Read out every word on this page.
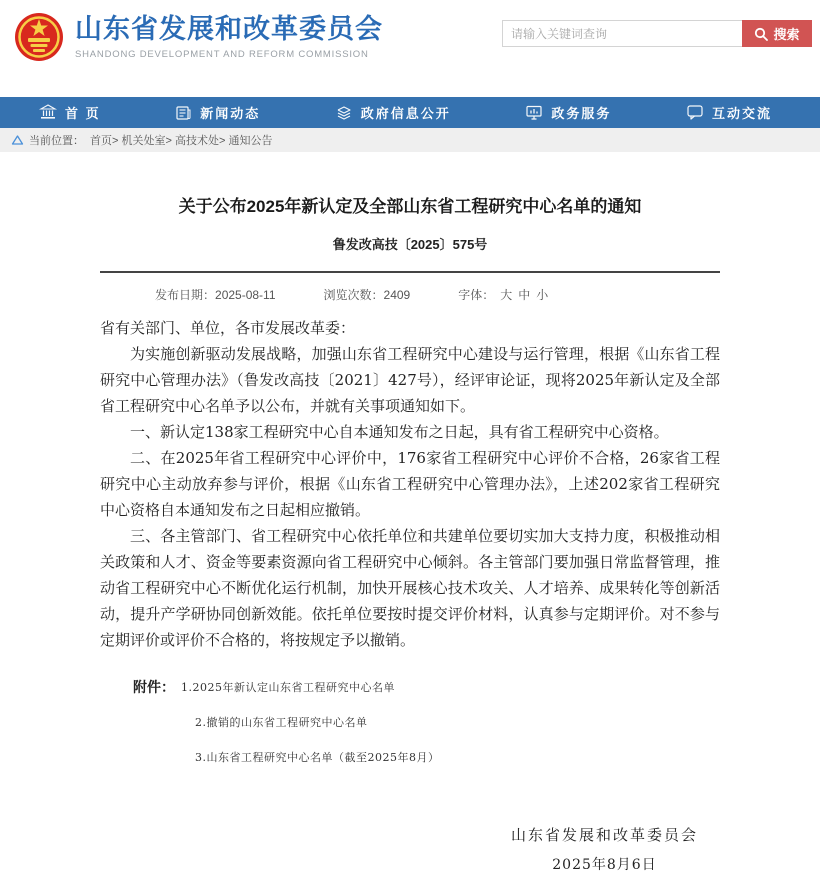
山东省发展和改革委员会
SHANDONG DEVELOPMENT AND REFORM COMMISSION
请输入关键词查询
搜索
首 页	新闻动态	政府信息公开	政务服务	互动交流
当前位置： 首页> 机关处室> 高技术处> 通知公告
关于公布2025年新认定及全部山东省工程研究中心名单的通知
鲁发改高技〔2025〕575号
发布日期：2025-08-11	浏览次数：2409	字体： 大 中 小

省有关部门、单位，各市发展改革委：

为实施创新驱动发展战略，加强山东省工程研究中心建设与运行管理，根据《山东省工程研究中心管理办法》（鲁发改高技〔2021〕427号），经评审论证，现将2025年新认定及全部省工程研究中心名单予以公布，并就有关事项通知如下。

一、新认定138家工程研究中心自本通知发布之日起，具有省工程研究中心资格。

二、在2025年省工程研究中心评价中，176家省工程研究中心评价不合格，26家省工程研究中心主动放弃参与评价，根据《山东省工程研究中心管理办法》，上述202家省工程研究中心资格自本通知发布之日起相应撤销。

三、各主管部门、省工程研究中心依托单位和共建单位要切实加大支持力度，积极推动相关政策和人才、资金等要素资源向省工程研究中心倾斜。各主管部门要加强日常监督管理，推动省工程研究中心不断优化运行机制，加快开展核心技术攻关、人才培养、成果转化等创新活动，提升产学研协同创新效能。依托单位要按时提交评价材料，认真参与定期评价。对不参与定期评价或评价不合格的，将按规定予以撤销。

附件： 1.2025年新认定山东省工程研究中心名单
2.撤销的山东省工程研究中心名单
3.山东省工程研究中心名单（截至2025年8月）
山东省发展和改革委员会
2025年8月6日
